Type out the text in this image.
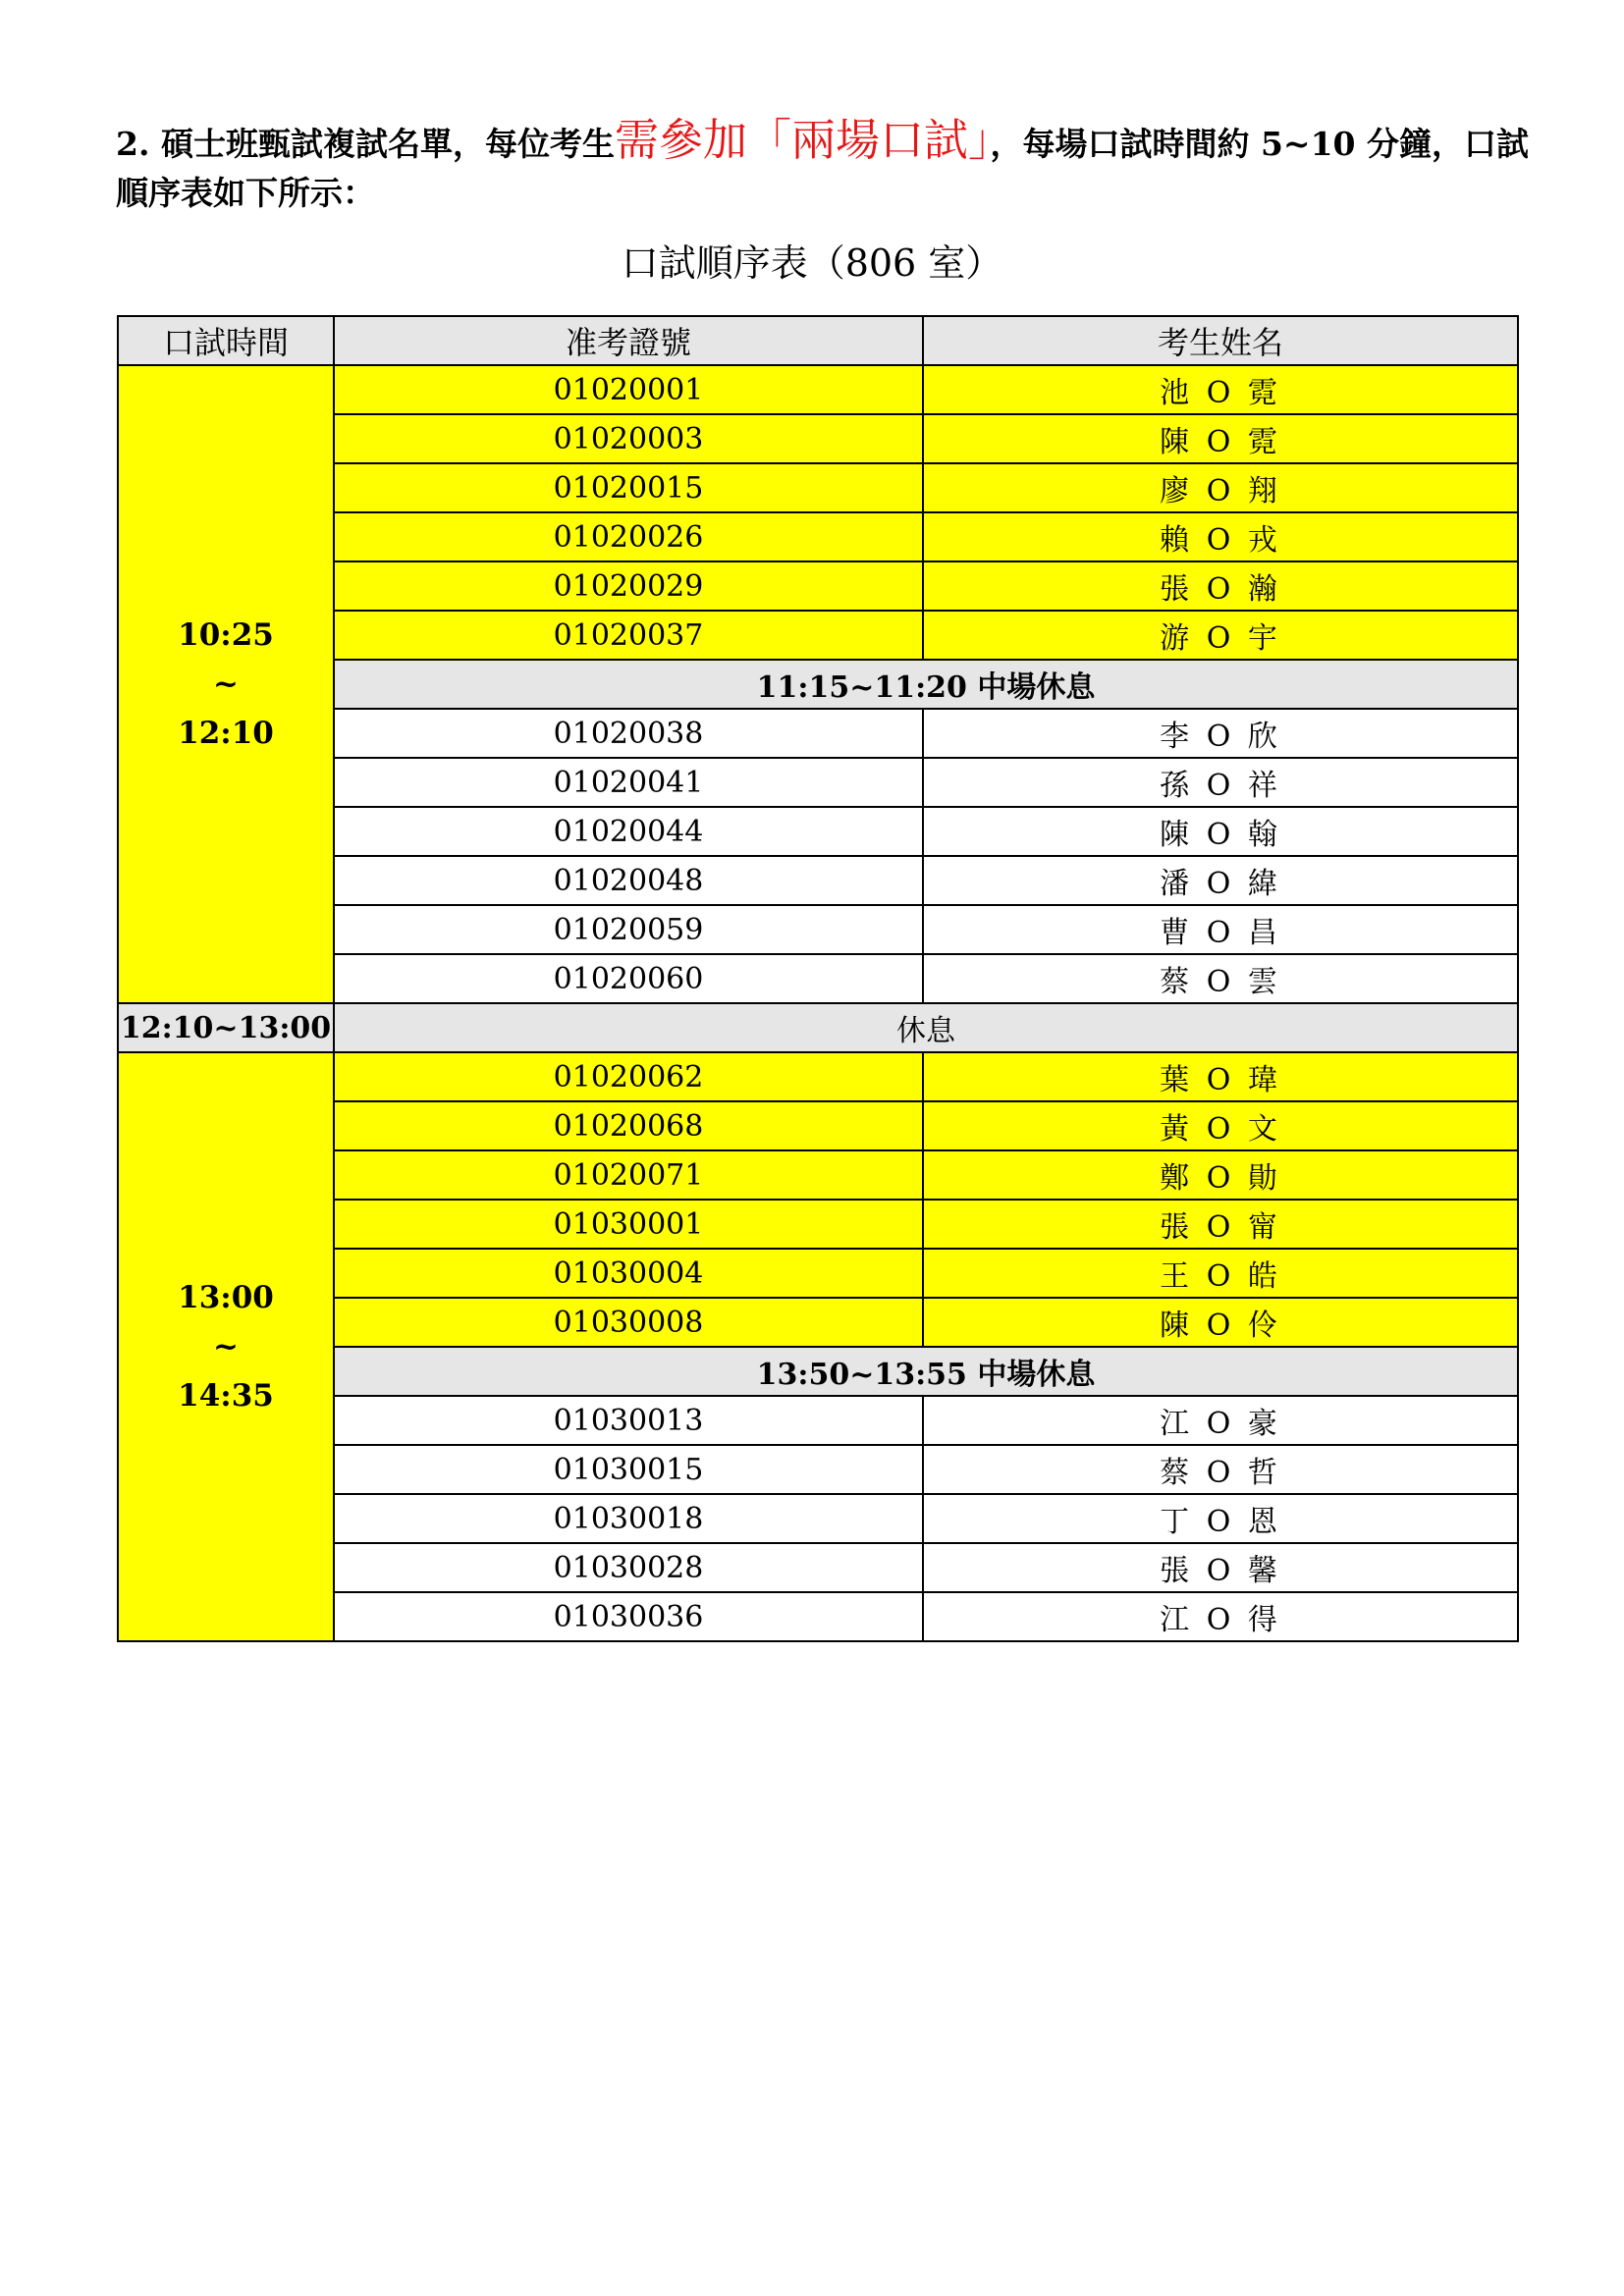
2. 碩士班甄試複試名單，每位考生需參加「兩場口試」，每場口試時間約 5~10 分鐘，口試順序表如下所示：
口試順序表（806 室）
口試時間	准考證號	考生姓名

10:25
~
12:10	01020001	池 O 霓
	01020003	陳 O 霓
	01020015	廖 O 翔
	01020026	賴 O 戎
	01020029	張 O 瀚
	01020037	游 O 宇
	11:15~11:20 中場休息	
	01020038	李 O 欣
	01020041	孫 O 祥
	01020044	陳 O 翰
	01020048	潘 O 緯
	01020059	曹 O 昌
	01020060	蔡 O 雲
12:10~13:00	休息	

13:00
~
14:35	01020062	葉 O 瑋
	01020068	黃 O 文
	01020071	鄭 O 勛
	01030001	張 O 甯
	01030004	王 O 皓
	01030008	陳 O 伶
	13:50~13:55 中場休息	
	01030013	江 O 豪
	01030015	蔡 O 哲
	01030018	丁 O 恩
	01030028	張 O 馨
	01030036	江 O 得
